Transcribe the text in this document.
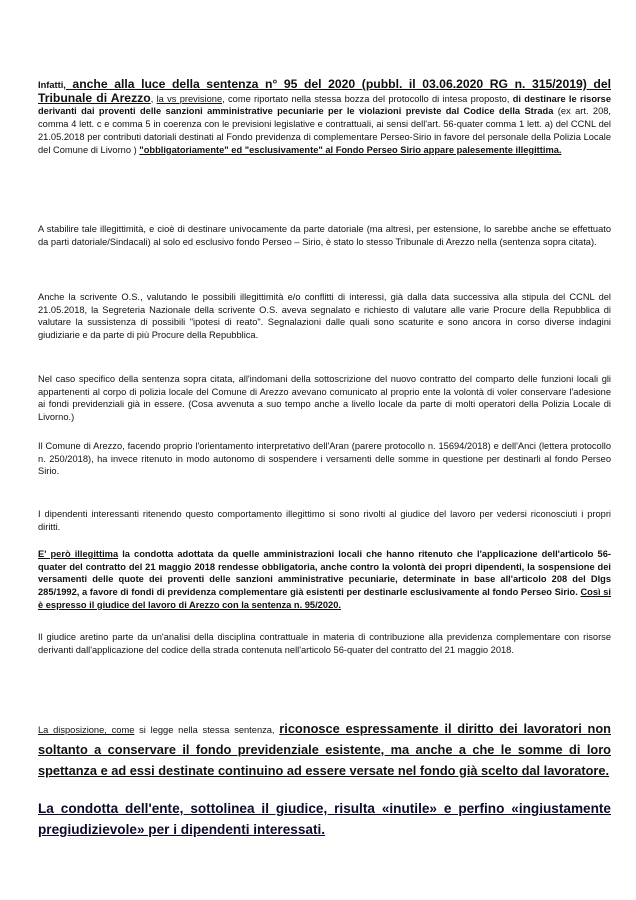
Infatti, anche alla luce della sentenza n° 95 del 2020 (pubbl. il 03.06.2020 RG n. 315/2019) del Tribunale di Arezzo, la vs previsione, come riportato nella stessa bozza del protocollo di intesa proposto, di destinare le risorse derivanti dai proventi delle sanzioni amministrative pecuniarie per le violazioni previste dal Codice della Strada (ex art. 208, comma 4 lett. c e comma 5 in coerenza con le previsioni legislative e contrattuali, ai sensi dell'art. 56-quater comma 1 lett. a) del CCNL del 21.05.2018 per contributi datoriali destinati al Fondo previdenza di complementare Perseo-Sirio in favore del personale della Polizia Locale del Comune di Livorno ) "obbligatoriamente" ed "esclusivamente" al Fondo Perseo Sirio appare palesemente illegittima.

A stabilire tale illegittimità, e cioè di destinare univocamente da parte datoriale (ma altresì, per estensione, lo sarebbe anche se effettuato da parti datoriale/Sindacali) al solo ed esclusivo fondo Perseo – Sirio, è stato lo stesso Tribunale di Arezzo nella (sentenza sopra citata).

Anche la scrivente O.S., valutando le possibili illegittimità e/o conflitti di interessi, già dalla data successiva alla stipula del CCNL del 21.05.2018, la Segreteria Nazionale della scrivente O.S. aveva segnalato e richiesto di valutare alle varie Procure della Repubblica di valutare la sussistenza di possibili "ipotesi di reato". Segnalazioni dalle quali sono scaturite e sono ancora in corso diverse indagini giudiziarie e da parte di più Procure della Repubblica.

Nel caso specifico della sentenza sopra citata, all'indomani della sottoscrizione del nuovo contratto del comparto delle funzioni locali gli appartenenti al corpo di polizia locale del Comune di Arezzo avevano comunicato al proprio ente la volontà di voler conservare l'adesione ai fondi previdenziali già in essere. (Cosa avvenuta a suo tempo anche a livello locale da parte di molti operatori della Polizia Locale di Livorno.)

Il Comune di Arezzo, facendo proprio l'orientamento interpretativo dell'Aran (parere protocollo n. 15694/2018) e dell'Anci (lettera protocollo n. 250/2018), ha invece ritenuto in modo autonomo di sospendere i versamenti delle somme in questione per destinarli al fondo Perseo Sirio.

I dipendenti interessanti ritenendo questo comportamento illegittimo si sono rivolti al giudice del lavoro per vedersi riconosciuti i propri diritti.

E' però illegittima la condotta adottata da quelle amministrazioni locali che hanno ritenuto che l'applicazione dell'articolo 56-quater del contratto del 21 maggio 2018 rendesse obbligatoria, anche contro la volontà dei propri dipendenti, la sospensione dei versamenti delle quote dei proventi delle sanzioni amministrative pecuniarie, determinate in base all'articolo 208 del Dlgs 285/1992, a favore di fondi di previdenza complementare già esistenti per destinarle esclusivamente al fondo Perseo Sirio. Così si è espresso il giudice del lavoro di Arezzo con la sentenza n. 95/2020.

Il giudice aretino parte da un'analisi della disciplina contrattuale in materia di contribuzione alla previdenza complementare con risorse derivanti dall'applicazione del codice della strada contenuta nell'articolo 56-quater del contratto del 21 maggio 2018.

La disposizione, come si legge nella stessa sentenza, riconosce espressamente il diritto dei lavoratori non soltanto a conservare il fondo previdenziale esistente, ma anche a che le somme di loro spettanza e ad essi destinate continuino ad essere versate nel fondo già scelto dal lavoratore.

La condotta dell'ente, sottolinea il giudice, risulta «inutile» e perfino «ingiustamente pregiudizievole» per i dipendenti interessati.
